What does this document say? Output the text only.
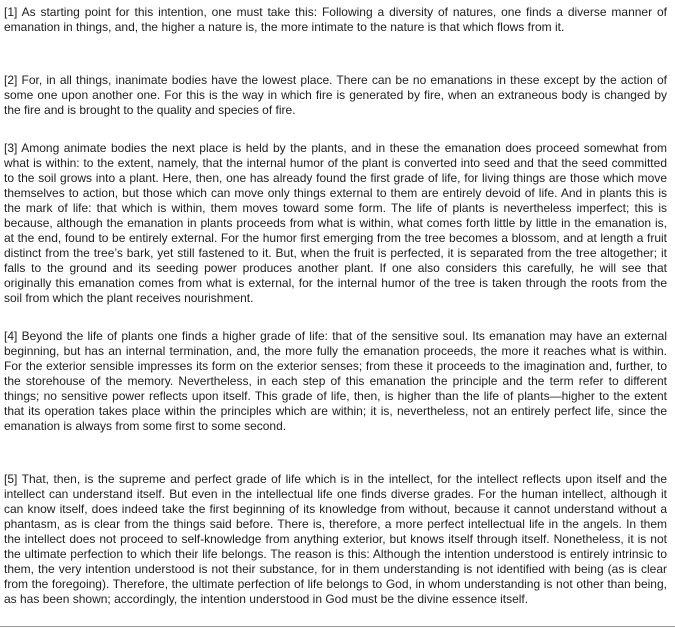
[1] As starting point for this intention, one must take this: Following a diversity of natures, one finds a diverse manner of emanation in things, and, the higher a nature is, the more intimate to the nature is that which flows from it.

[2] For, in all things, inanimate bodies have the lowest place. There can be no emanations in these except by the action of some one upon another one. For this is the way in which fire is generated by fire, when an extraneous body is changed by the fire and is brought to the quality and species of fire.

[3] Among animate bodies the next place is held by the plants, and in these the emanation does proceed somewhat from what is within: to the extent, namely, that the internal humor of the plant is converted into seed and that the seed committed to the soil grows into a plant. Here, then, one has already found the first grade of life, for living things are those which move themselves to action, but those which can move only things external to them are entirely devoid of life. And in plants this is the mark of life: that which is within, them moves toward some form. The life of plants is nevertheless imperfect; this is because, although the emanation in plants proceeds from what is within, what comes forth little by little in the emanation is, at the end, found to be entirely external. For the humor first emerging from the tree becomes a blossom, and at length a fruit distinct from the tree’s bark, yet still fastened to it. But, when the fruit is perfected, it is separated from the tree altogether; it falls to the ground and its seeding power produces another plant. If one also considers this carefully, he will see that originally this emanation comes from what is external, for the internal humor of the tree is taken through the roots from the soil from which the plant receives nourishment.

[4] Beyond the life of plants one finds a higher grade of life: that of the sensitive soul. Its emanation may have an external beginning, but has an internal termination, and, the more fully the emanation proceeds, the more it reaches what is within. For the exterior sensible impresses its form on the exterior senses; from these it proceeds to the imagination and, further, to the storehouse of the memory. Nevertheless, in each step of this emanation the principle and the term refer to different things; no sensitive power reflects upon itself. This grade of life, then, is higher than the life of plants—higher to the extent that its operation takes place within the principles which are within; it is, nevertheless, not an entirely perfect life, since the emanation is always from some first to some second.

[5] That, then, is the supreme and perfect grade of life which is in the intellect, for the intellect reflects upon itself and the intellect can understand itself. But even in the intellectual life one finds diverse grades. For the human intellect, although it can know itself, does indeed take the first beginning of its knowledge from without, because it cannot understand without a phantasm, as is clear from the things said before. There is, therefore, a more perfect intellectual life in the angels. In them the intellect does not proceed to self-knowledge from anything exterior, but knows itself through itself. Nonetheless, it is not the ultimate perfection to which their life belongs. The reason is this: Although the intention understood is entirely intrinsic to them, the very intention understood is not their substance, for in them understanding is not identified with being (as is clear from the foregoing). Therefore, the ultimate perfection of life belongs to God, in whom understanding is not other than being, as has been shown; accordingly, the intention understood in God must be the divine essence itself.
